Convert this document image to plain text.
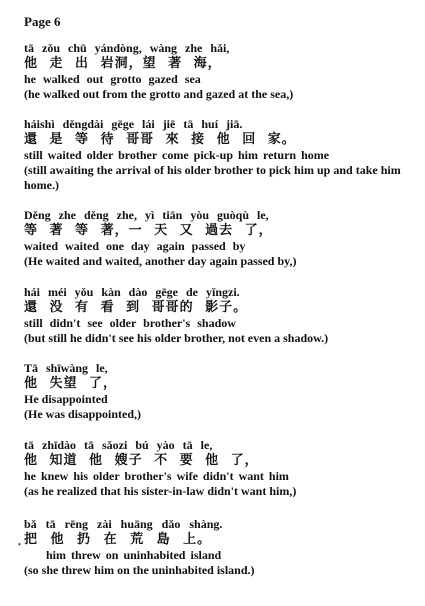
Page 6
tā zǒu chū yándòng, wàng zhe hǎi,
他 走 出 岩洞，望 著 海，
he walked out grotto gazed sea
(he walked out from the grotto and gazed at the sea,)
háishì děngdài gēge lái jiē tā huí jiā.
還 是 等 待 哥哥 來 接 他 回 家。
still waited older brother come pick-up him return home
(still awaiting the arrival of his older brother to pick him up and take him home.)
Děng zhe děng zhe, yì tiān yòu guòqù le,
等 著 等 著，一 天 又 過去 了，
waited waited one day again passed by
(He waited and waited, another day again passed by,)
hái méi yǒu kàn dào gēge de yǐngzi.
還 没 有 看 到 哥哥的 影子。
still didn't see older brother's shadow
(but still he didn't see his older brother, not even a shadow.)
Tā shīwàng le,
他 失望 了，
He disappointed
(He was disappointed,)
tā zhīdào tā sǎozi bú yào tā le,
他 知道 他 嫂子 不 要 他 了，
he knew his older brother's wife didn't want him
(as he realized that his sister-in-law didn't want him,)
bǎ tā rēng zài huāng dǎo shàng.
把 他 扔 在 荒 島 上。
him threw on uninhabited island
(so she threw him on the uninhabited island.)
•
